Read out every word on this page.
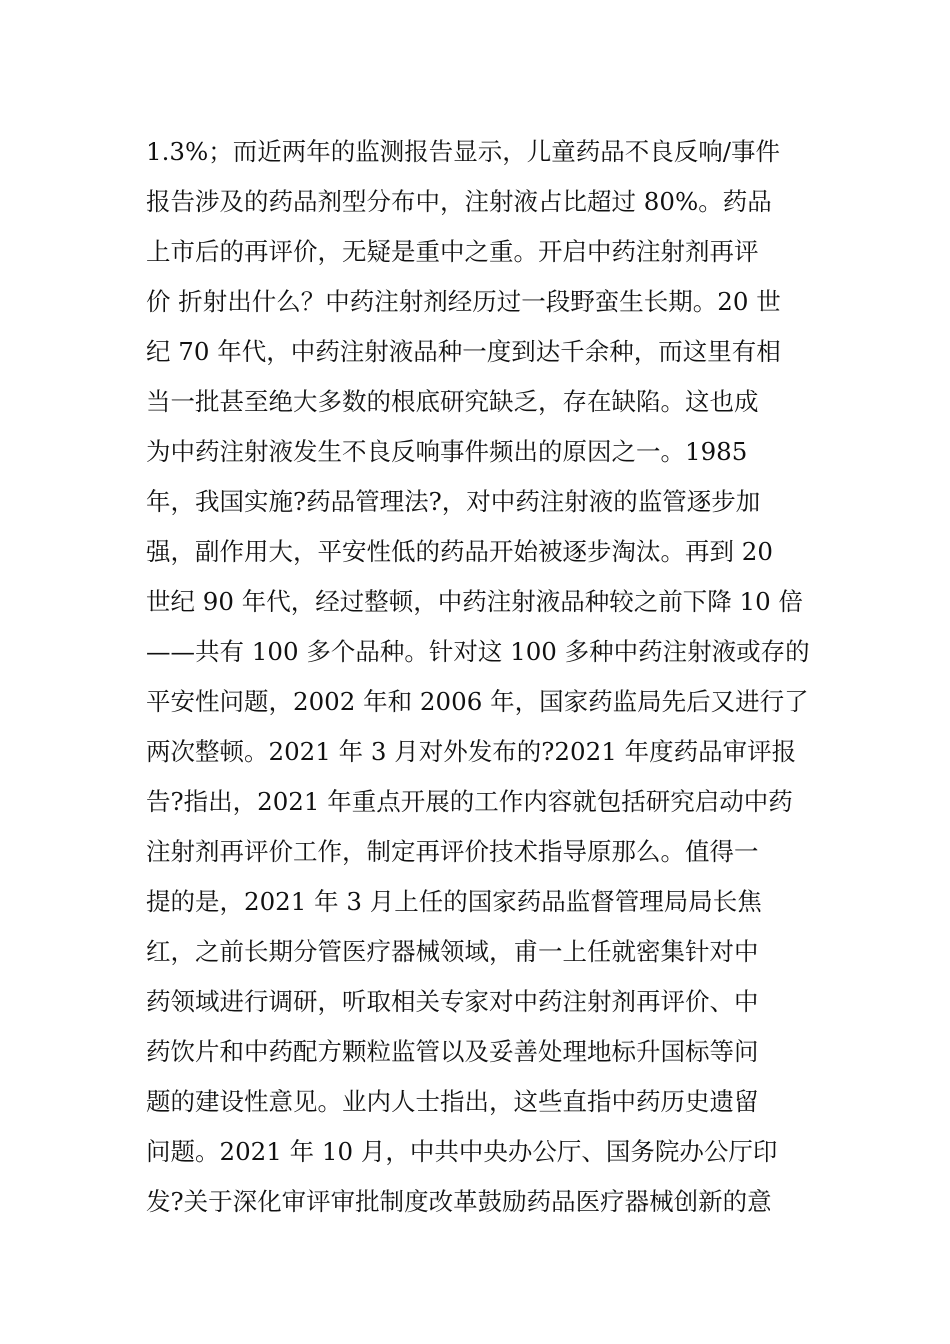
1.3%；而近两年的监测报告显示，儿童药品不良反响/事件
报告涉及的药品剂型分布中，注射液占比超过 80%。药品
上市后的再评价，无疑是重中之重。开启中药注射剂再评
价 折射出什么？中药注射剂经历过一段野蛮生长期。20 世
纪 70 年代，中药注射液品种一度到达千余种，而这里有相
当一批甚至绝大多数的根底研究缺乏，存在缺陷。这也成
为中药注射液发生不良反响事件频出的原因之一。1985
年，我国实施?药品管理法?，对中药注射液的监管逐步加
强，副作用大，平安性低的药品开始被逐步淘汰。再到 20
世纪 90 年代，经过整顿，中药注射液品种较之前下降 10 倍
——共有 100 多个品种。针对这 100 多种中药注射液或存的
平安性问题，2002 年和 2006 年，国家药监局先后又进行了
两次整顿。2021 年 3 月对外发布的?2021 年度药品审评报
告?指出，2021 年重点开展的工作内容就包括研究启动中药
注射剂再评价工作，制定再评价技术指导原那么。值得一
提的是，2021 年 3 月上任的国家药品监督管理局局长焦
红，之前长期分管医疗器械领域，甫一上任就密集针对中
药领域进行调研，听取相关专家对中药注射剂再评价、中
药饮片和中药配方颗粒监管以及妥善处理地标升国标等问
题的建设性意见。业内人士指出，这些直指中药历史遗留
问题。2021 年 10 月，中共中央办公厅、国务院办公厅印
发?关于深化审评审批制度改革鼓励药品医疗器械创新的意
